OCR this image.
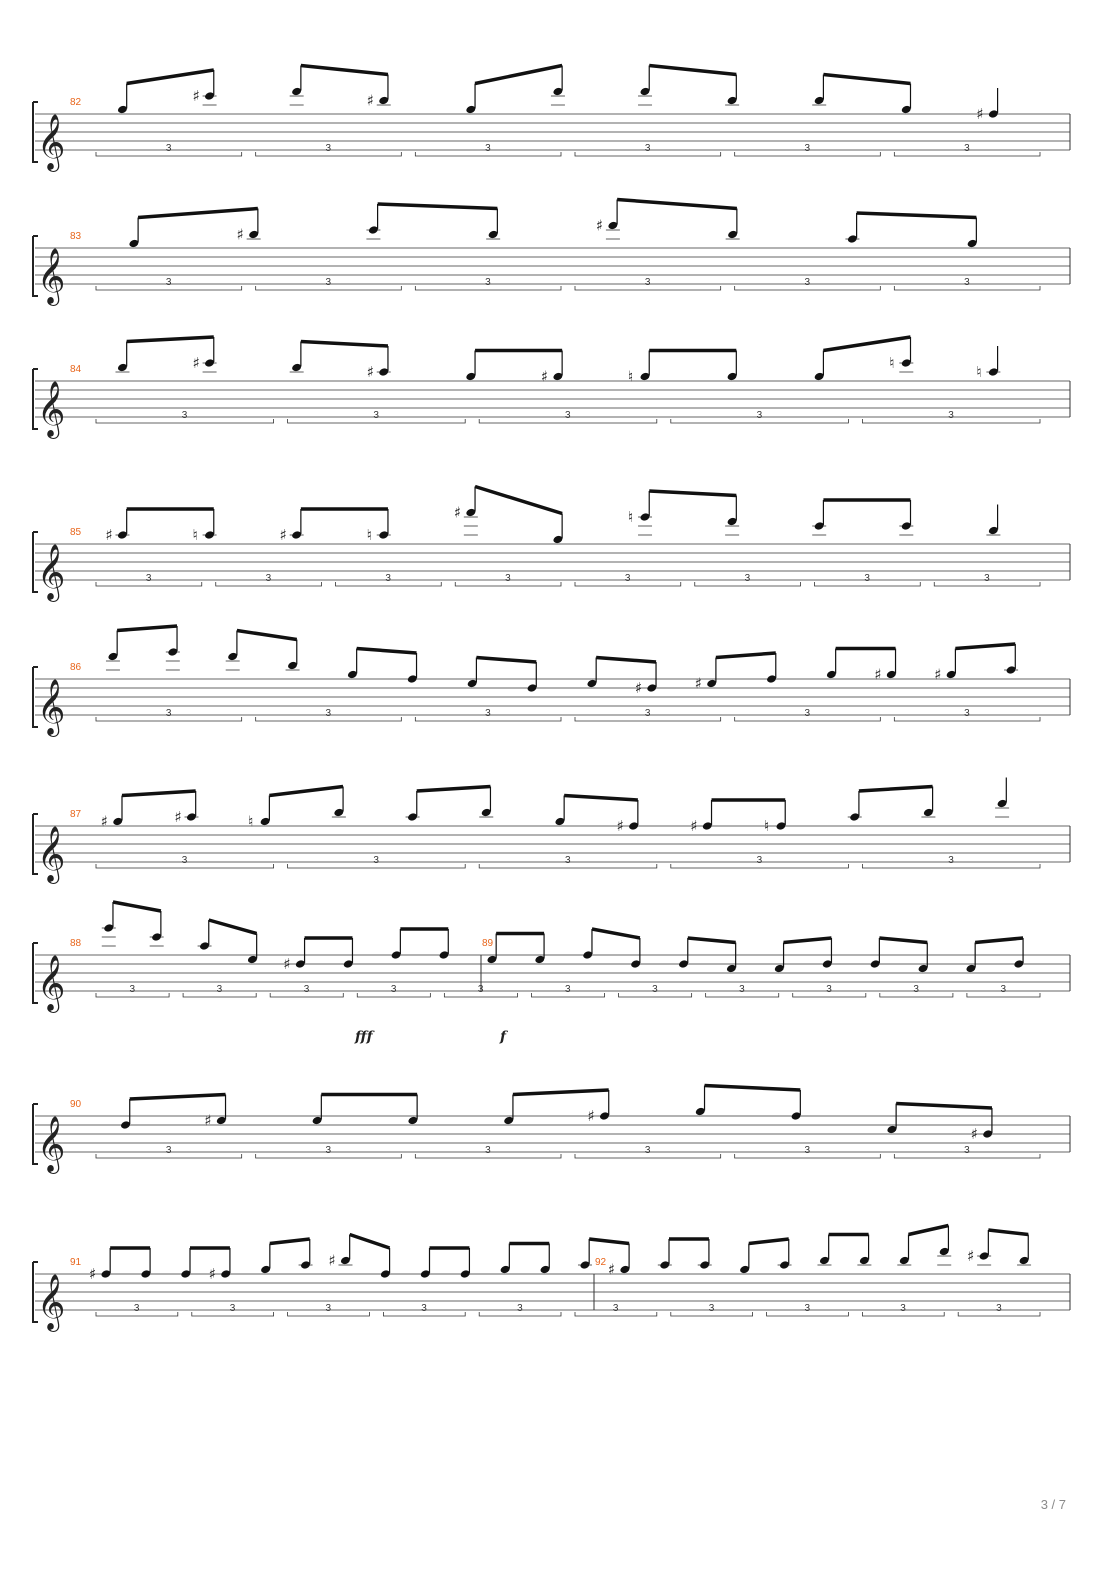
𝄞
82	♯	♯
♯
3	3	3	3	3	3
𝄞
83	♯	♯
3	3	3	3	3	3
𝄞
84	♯	♯	♯	♮
♮	♮
3	3	3	3	3
𝄞
85 ♯	♮	♯	♮
♯	♮
3	3	3	3	3	3	3	3
𝄞
86
♯	♯	♯	♯
3	3	3	3	3	3
𝄞
87 ♯	♯	♮	♯	♯	♮
3	3	3	3	3
𝄞
88	89
♯
3	3	3	3	3	3	3	3	3	3	3
fff	f
𝄞
90
♯	♯
♯
3	3	3	3	3	3
𝄞
91	92
♯	♯
♯	♯
♯
3	3	3	3	3	3	3	3	3	3
3 / 7
